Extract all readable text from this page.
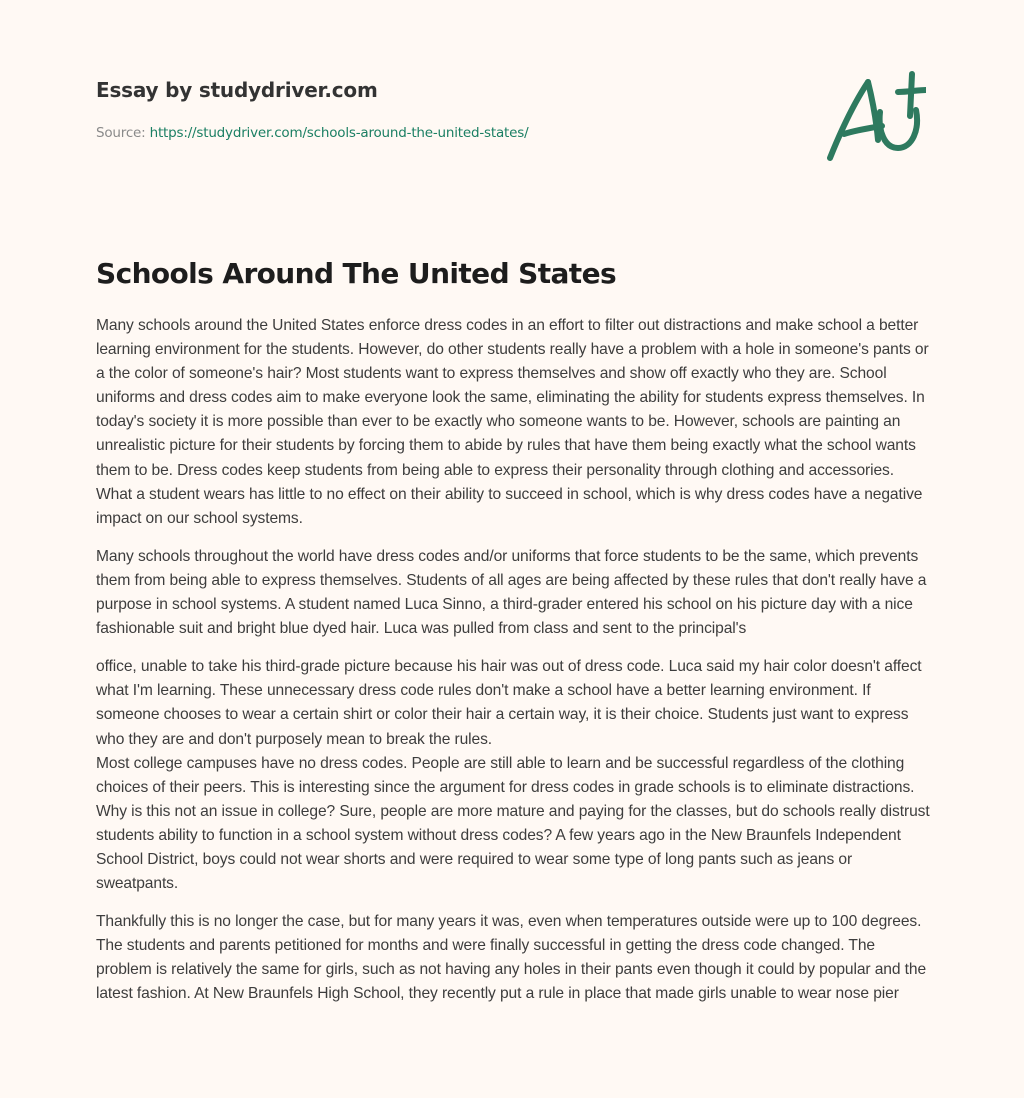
Essay by studydriver.com

Source: https://studydriver.com/schools-around-the-united-states/
Schools Around The United States

Many schools around the United States enforce dress codes in an effort to filter out distractions and make school a better learning environment for the students. However, do other students really have a problem with a hole in someone's pants or a the color of someone's hair? Most students want to express themselves and show off exactly who they are. School uniforms and dress codes aim to make everyone look the same, eliminating the ability for students express themselves. In today's society it is more possible than ever to be exactly who someone wants to be. However, schools are painting an unrealistic picture for their students by forcing them to abide by rules that have them being exactly what the school wants them to be. Dress codes keep students from being able to express their personality through clothing and accessories. What a student wears has little to no effect on their ability to succeed in school, which is why dress codes have a negative impact on our school systems.

Many schools throughout the world have dress codes and/or uniforms that force students to be the same, which prevents them from being able to express themselves. Students of all ages are being affected by these rules that don't really have a purpose in school systems. A student named Luca Sinno, a third-grader entered his school on his picture day with a nice fashionable suit and bright blue dyed hair. Luca was pulled from class and sent to the principal's

office, unable to take his third-grade picture because his hair was out of dress code. Luca said my hair color doesn't affect what I'm learning. These unnecessary dress code rules don't make a school have a better learning environment. If someone chooses to wear a certain shirt or color their hair a certain way, it is their choice. Students just want to express who they are and don't purposely mean to break the rules.

Most college campuses have no dress codes. People are still able to learn and be successful regardless of the clothing choices of their peers. This is interesting since the argument for dress codes in grade schools is to eliminate distractions. Why is this not an issue in college? Sure, people are more mature and paying for the classes, but do schools really distrust students ability to function in a school system without dress codes? A few years ago in the New Braunfels Independent School District, boys could not wear shorts and were required to wear some type of long pants such as jeans or sweatpants.

Thankfully this is no longer the case, but for many years it was, even when temperatures outside were up to 100 degrees. The students and parents petitioned for months and were finally successful in getting the dress code changed. The problem is relatively the same for girls, such as not having any holes in their pants even though it could by popular and the latest fashion. At New Braunfels High School, they recently put a rule in place that made girls unable to wear nose pier
